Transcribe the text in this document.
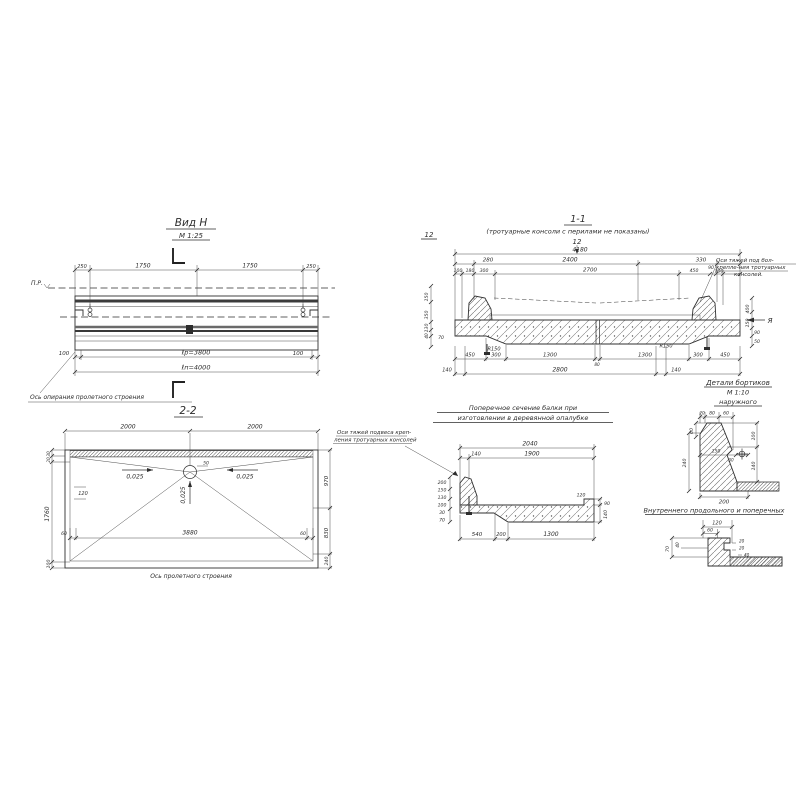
Вид Н
М 1:25
П.Р.
250	1750	1750	250
100	100
ℓр=3800
ℓп=4000
Ось опирания пролетного строения
12
1-1
(тротуарные консоли с перилами не показаны)
12
4180
280	2400	330
100 180 300	2700	450
90
100
Оси тяжей под бол-
крепле-ния тротуарных
консолей.
Я
150
350
130
40 70
400
150
90
50
R150	R150
450	300	1300
80
1300	300	450
140	2800	140
2-2
2000	2000
0,025	0,025
0,025
50
120
60	3880	60
30
20
1760
100
970
830
240
Ось пролетного строения
Поперечное сечение балки при
изготовлении в деревянной опалубке
Оси тяжей подвеса креп-
ления тротуарных консолей	2040
140	1900
200
150
130
100
30
70
540	200	1300
120
90
140
Детали бортиков
М 1:10
наружного
20 80 60
60
240
150
30
100
140
200
Внутреннего продольного и поперечных
120
60
70
40
20
20
40
